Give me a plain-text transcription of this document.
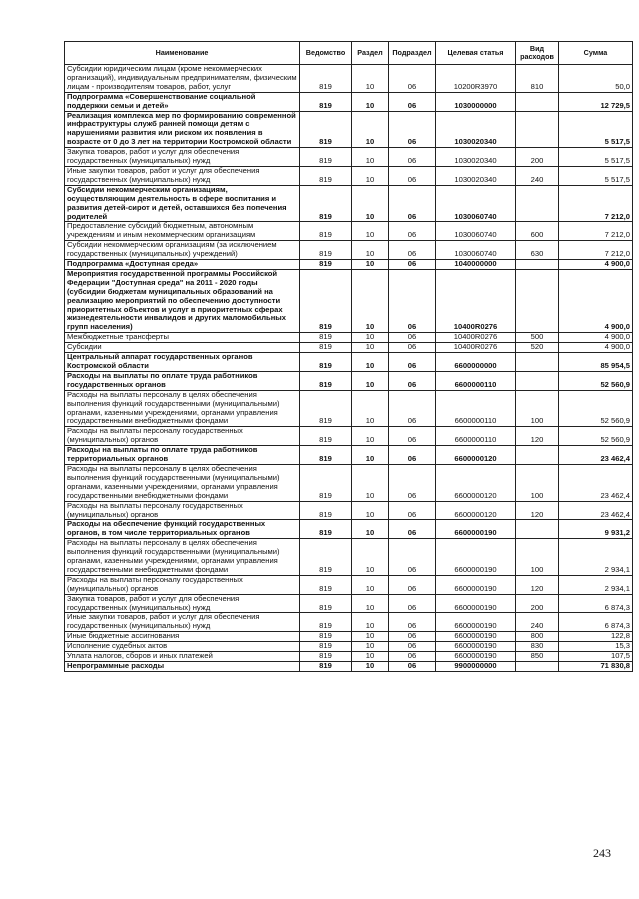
Наименование	Ведомство	Раздел	Подраздел	Целевая статья	Вид расходов	Сумма
Субсидии юридическим лицам (кроме некоммерческих организаций), индивидуальным предпринимателям, физическим лицам - производителям товаров, работ, услуг	819	10	06	10200R3970	810	50,0
Подпрограмма «Совершенствование социальной поддержки семьи и детей»	819	10	06	1030000000		12 729,5
Реализация комплекса мер по формированию современной инфраструктуры служб ранней помощи детям с нарушениями развития или риском их появления в возрасте от 0 до 3 лет на территории Костромской области	819	10	06	1030020340		5 517,5
Закупка товаров, работ и услуг для обеспечения государственных (муниципальных) нужд	819	10	06	1030020340	200	5 517,5
Иные закупки товаров, работ и услуг для обеспечения государственных (муниципальных) нужд	819	10	06	1030020340	240	5 517,5
Субсидии некоммерческим организациям, осуществляющим деятельность в сфере воспитания и развития детей-сирот и детей, оставшихся без попечения родителей	819	10	06	1030060740		7 212,0
Предоставление субсидий бюджетным, автономным учреждениям и иным некоммерческим организациям	819	10	06	1030060740	600	7 212,0
Субсидии некоммерческим организациям (за исключением государственных (муниципальных) учреждений)	819	10	06	1030060740	630	7 212,0
Подпрограмма «Доступная среда»	819	10	06	1040000000		4 900,0
Мероприятия государственной программы Российской Федерации "Доступная среда" на 2011 - 2020 годы (субсидии бюджетам муниципальных образований на реализацию мероприятий по обеспечению доступности приоритетных объектов и услуг в приоритетных сферах жизнедеятельности инвалидов и других маломобильных групп населения)	819	10	06	10400R0276		4 900,0
Межбюджетные трансферты	819	10	06	10400R0276	500	4 900,0
Субсидии	819	10	06	10400R0276	520	4 900,0
Центральный аппарат государственных органов Костромской области	819	10	06	6600000000		85 954,5
Расходы на выплаты по оплате труда работников государственных органов	819	10	06	6600000110		52 560,9
Расходы на выплаты персоналу в целях обеспечения выполнения функций государственными (муниципальными) органами, казенными учреждениями, органами управления государственными внебюджетными фондами	819	10	06	6600000110	100	52 560,9
Расходы на выплаты персоналу государственных (муниципальных) органов	819	10	06	6600000110	120	52 560,9
Расходы на выплаты по оплате труда работников территориальных органов	819	10	06	6600000120		23 462,4
Расходы на выплаты персоналу в целях обеспечения выполнения функций государственными (муниципальными) органами, казенными учреждениями, органами управления государственными внебюджетными фондами	819	10	06	6600000120	100	23 462,4
Расходы на выплаты персоналу государственных (муниципальных) органов	819	10	06	6600000120	120	23 462,4
Расходы на обеспечение функций государственных органов, в том числе территориальных органов	819	10	06	6600000190		9 931,2
Расходы на выплаты персоналу в целях обеспечения выполнения функций государственными (муниципальными) органами, казенными учреждениями, органами управления государственными внебюджетными фондами	819	10	06	6600000190	100	2 934,1
Расходы на выплаты персоналу государственных (муниципальных) органов	819	10	06	6600000190	120	2 934,1
Закупка товаров, работ и услуг для обеспечения государственных (муниципальных) нужд	819	10	06	6600000190	200	6 874,3
Иные закупки товаров, работ и услуг для обеспечения государственных (муниципальных) нужд	819	10	06	6600000190	240	6 874,3
Иные бюджетные ассигнования	819	10	06	6600000190	800	122,8
Исполнение судебных актов	819	10	06	6600000190	830	15,3
Уплата налогов, сборов и иных платежей	819	10	06	6600000190	850	107,5
Непрограммные расходы	819	10	06	9900000000		71 830,8
243
